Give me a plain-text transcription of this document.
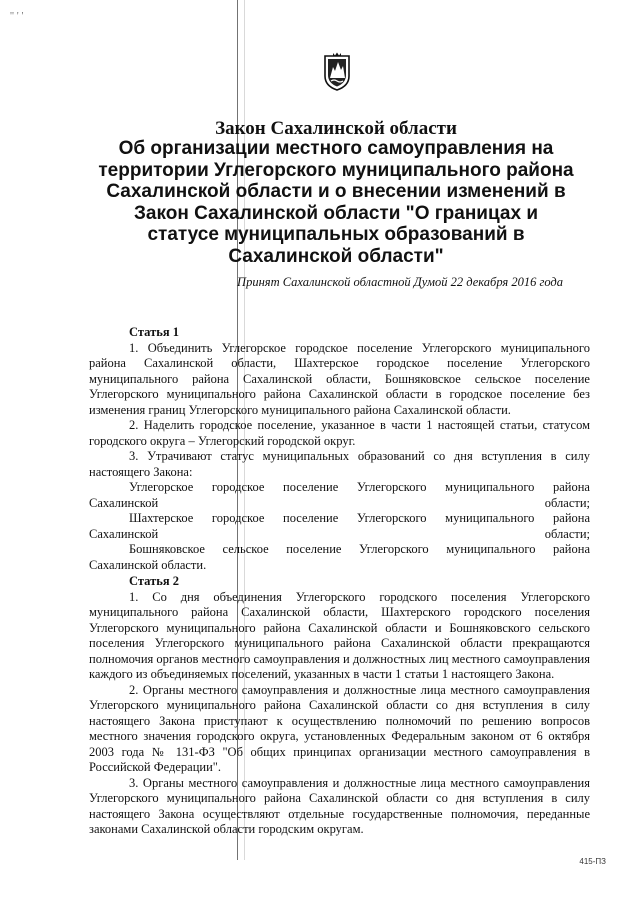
'' ' '
Закон Сахалинской области
Об организации местного самоуправления на территории Углегорского муниципального района Сахалинской области и о внесении изменений в Закон Сахалинской области "О границах и статусе муниципальных образований в Сахалинской области"

Принят Сахалинской областной Думой 22 декабря 2016 года

Статья 1

1. Объединить Углегорское городское поселение Углегорского муниципального района Сахалинской области, Шахтерское городское поселение Углегорского муниципального района Сахалинской области, Бошняковское сельское поселение Углегорского муниципального района Сахалинской области в городское поселение без изменения границ Углегорского муниципального района Сахалинской области.

2. Наделить городское поселение, указанное в части 1 настоящей статьи, статусом городского округа – Углегорский городской округ.

3. Утрачивают статус муниципальных образований со дня вступления в силу настоящего Закона:

Углегорское городское поселение Углегорского муниципального района
Сахалинской области;
Шахтерское городское поселение Углегорского муниципального района
Сахалинской области;
Бошняковское сельское поселение Углегорского муниципального района
Сахалинской области.
Статья 2

1. Со дня объединения Углегорского городского поселения Углегорского муниципального района Сахалинской области, Шахтерского городского поселения Углегорского муниципального района Сахалинской области и Бошняковского сельского поселения Углегорского муниципального района Сахалинской области прекращаются полномочия органов местного самоуправления и должностных лиц местного самоуправления каждого из объединяемых поселений, указанных в части 1 статьи 1 настоящего Закона.

2. Органы местного самоуправления и должностные лица местного самоуправления Углегорского муниципального района Сахалинской области со дня вступления в силу настоящего Закона приступают к осуществлению полномочий по решению вопросов местного значения городского округа, установленных Федеральным законом от 6 октября 2003 года № 131-ФЗ "Об общих принципах организации местного самоуправления в Российской Федерации".

3. Органы местного самоуправления и должностные лица местного самоуправления Углегорского муниципального района Сахалинской области со дня вступления в силу настоящего Закона осуществляют отдельные государственные полномочия, переданные законами Сахалинской области городским округам.

415-ПЗ
